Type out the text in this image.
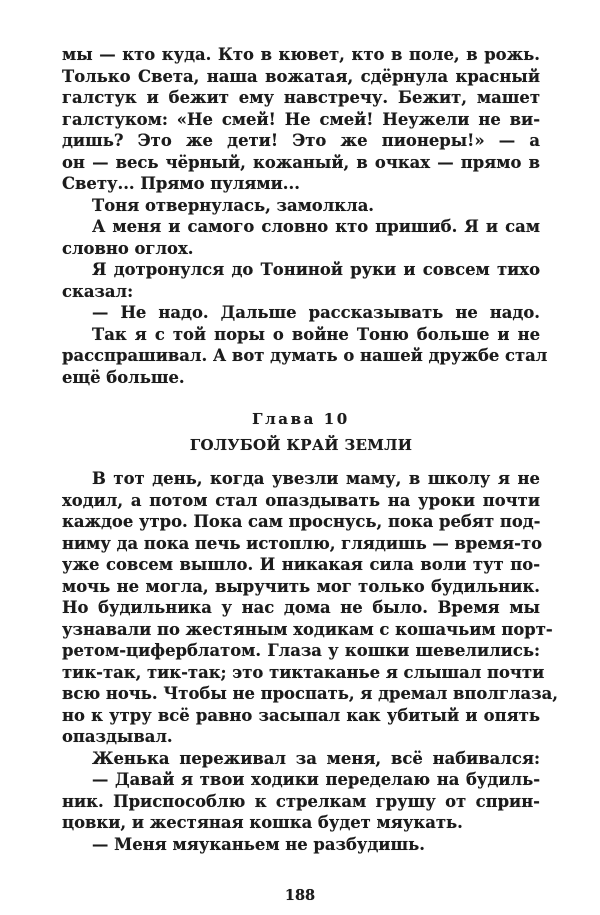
мы — кто куда. Кто в кювет, кто в поле, в рожь.
Только Света, наша вожатая, сдёрнула красный
галстук и бежит ему навстречу. Бежит, машет
галстуком: «Не смей! Не смей! Неужели не ви-
дишь? Это же дети! Это же пионеры!» — а
он — весь чёрный, кожаный, в очках — прямо в
Свету... Прямо пулями...
Тоня отвернулась, замолкла.
А меня и самого словно кто пришиб. Я и сам
словно оглох.
Я дотронулся до Тониной руки и совсем тихо
сказал:
— Не надо. Дальше рассказывать не надо.
Так я с той поры о войне Тоню больше и не
расспрашивал. А вот думать о нашей дружбе стал
ещё больше.
Глава 10
ГОЛУБОЙ КРАЙ ЗЕМЛИ
В тот день, когда увезли маму, в школу я не
ходил, а потом стал опаздывать на уроки почти
каждое утро. Пока сам проснусь, пока ребят под-
ниму да пока печь истоплю, глядишь — время-то
уже совсем вышло. И никакая сила воли тут по-
мочь не могла, выручить мог только будильник.
Но будильника у нас дома не было. Время мы
узнавали по жестяным ходикам с кошачьим порт-
ретом-циферблатом. Глаза у кошки шевелились:
тик-так, тик-так; это тиктаканье я слышал почти
всю ночь. Чтобы не проспать, я дремал вполглаза,
но к утру всё равно засыпал как убитый и опять
опаздывал.
Женька переживал за меня, всё набивался:
— Давай я твои ходики переделаю на будиль-
ник. Приспособлю к стрелкам грушу от сприн-
цовки, и жестяная кошка будет мяукать.
— Меня мяуканьем не разбудишь.
188
